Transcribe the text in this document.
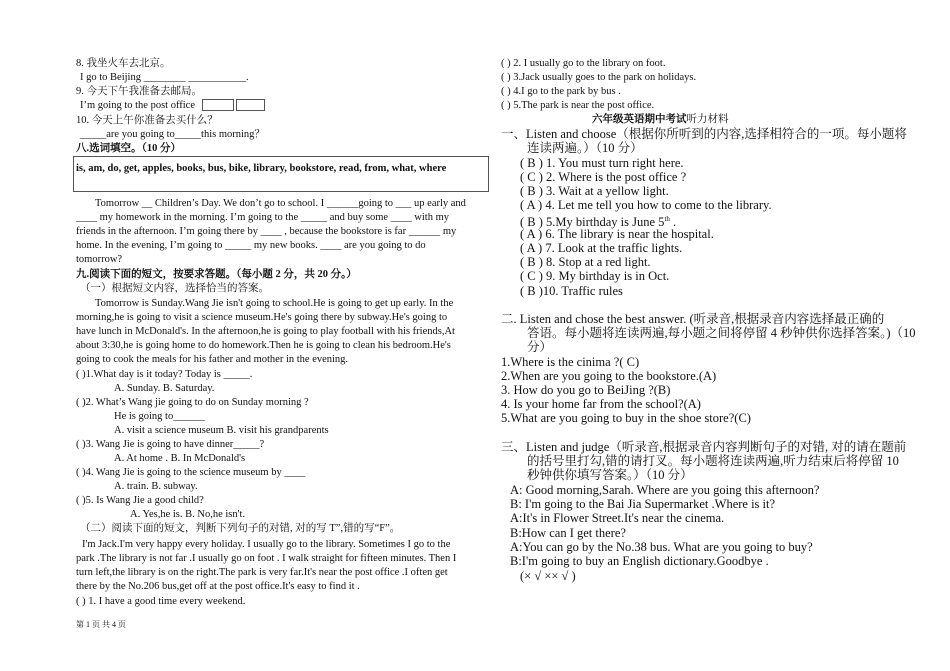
8. 我坐火车去北京。
I go to Beijing ________ ___________.
9. 今天下午我准备去邮局。
I’m going to the post office
10. 今天上午你准备去买什么？
_____are you going to_____this morning？
八.选词填空。（10 分）
is, am, do, get, apples, books, bus, bike, library, bookstore, read, from, what, where
Tomorrow __ Children’s Day. We don’t go to school. I ______going to ___ up early and
____ my homework in the morning. I’m going to the _____ and buy some ____ with my
friends in the afternoon. I’m going there by ____ , because the bookstore is far ______ my
home. In the evening, I’m going to _____ my new books. ____ are you going to do
tomorrow?
九.阅读下面的短文，按要求答题。（每小题 2 分，共 20 分。）
（一）根据短文内容，选择恰当的答案。
Tomorrow is Sunday.Wang Jie isn't going to school.He is going to get up early. In the
morning,he is going to visit a science museum.He's going there by subway.He's going to
have lunch in McDonald's. In the afternoon,he is going to play football with his friends,At
about 3:30,he is going home to do homework.Then he is going to clean his bedroom.He's
going to cook the meals for his father and mother in the evening.
( )1.What day is it today? Today is _____.
A. Sunday. B. Saturday.
( )2. What’s Wang jie going to do on Sunday morning ?
He is going to______
A. visit a science museum B. visit his grandparents
( )3. Wang Jie is going to have dinner_____?
A. At home . B. In McDonald's
( )4. Wang Jie is going to the science museum by ____
A. train. B. subway.
( )5. Is Wang Jie a good child?
A. Yes,he is. B. No,he isn't.
（二）阅读下面的短文，判断下列句子的对错, 对的写 T”,错的写“F”。
I'm Jack.I'm very happy every holiday. I usually go to the library. Sometimes I go to the
park .The library is not far .I usually go on foot . I walk straight for fifteen minutes. Then I
turn left,the library is on the right.The park is very far.It's near the post office .I often get
there by the No.206 bus,get off at the post office.It's easy to find it .
( ) 1. I have a good time every weekend.
第 1 页 共 4 页
( ) 2. I usually go to the library on foot.
( ) 3.Jack usually goes to the park on holidays.
( ) 4.I go to the park by bus .
( ) 5.The park is near the post office.
六年级英语期中考试听力材料
一、Listen and choose（根据你所听到的内容,选择相符合的一项。每小题将
连读两遍。）（10 分）
( B ) 1. You must turn right here.
( C ) 2. Where is the post office ?
( B ) 3. Wait at a yellow light.
( A ) 4. Let me tell you how to come to the library.
( B ) 5.My birthday is June 5th .
( A ) 6. The library is near the hospital.
( A ) 7. Look at the traffic lights.
( B ) 8. Stop at a red light.
( C ) 9. My birthday is in Oct.
( B )10. Traffic rules
二. Listen and chose the best answer. (听录音,根据录音内容选择最正确的
答语。每小题将连读两遍,每小题之间将停留 4 秒钟供你选择答案。)（10
分）
1.Where is the cinima ?( C)
2.When are you going to the bookstore.(A)
3. How do you go to BeiJing ?(B)
4. Is your home far from the school?(A)
5.What are you going to buy in the shoe store?(C)
三、Listen and judge（听录音,根据录音内容判断句子的对错, 对的请在题前
的括号里打勾,错的请打叉。每小题将连读两遍,听力结束后将停留 10
秒钟供你填写答案。）（10 分）
A: Good morning,Sarah. Where are you going this afternoon?
B: I'm going to the Bai Jia Supermarket .Where is it?
A:It's in Flower Street.It's near the cinema.
B:How can I get there?
A:You can go by the No.38 bus. What are you going to buy?
B:I'm going to buy an English dictionary.Goodbye .
(× √ ×× √ )
